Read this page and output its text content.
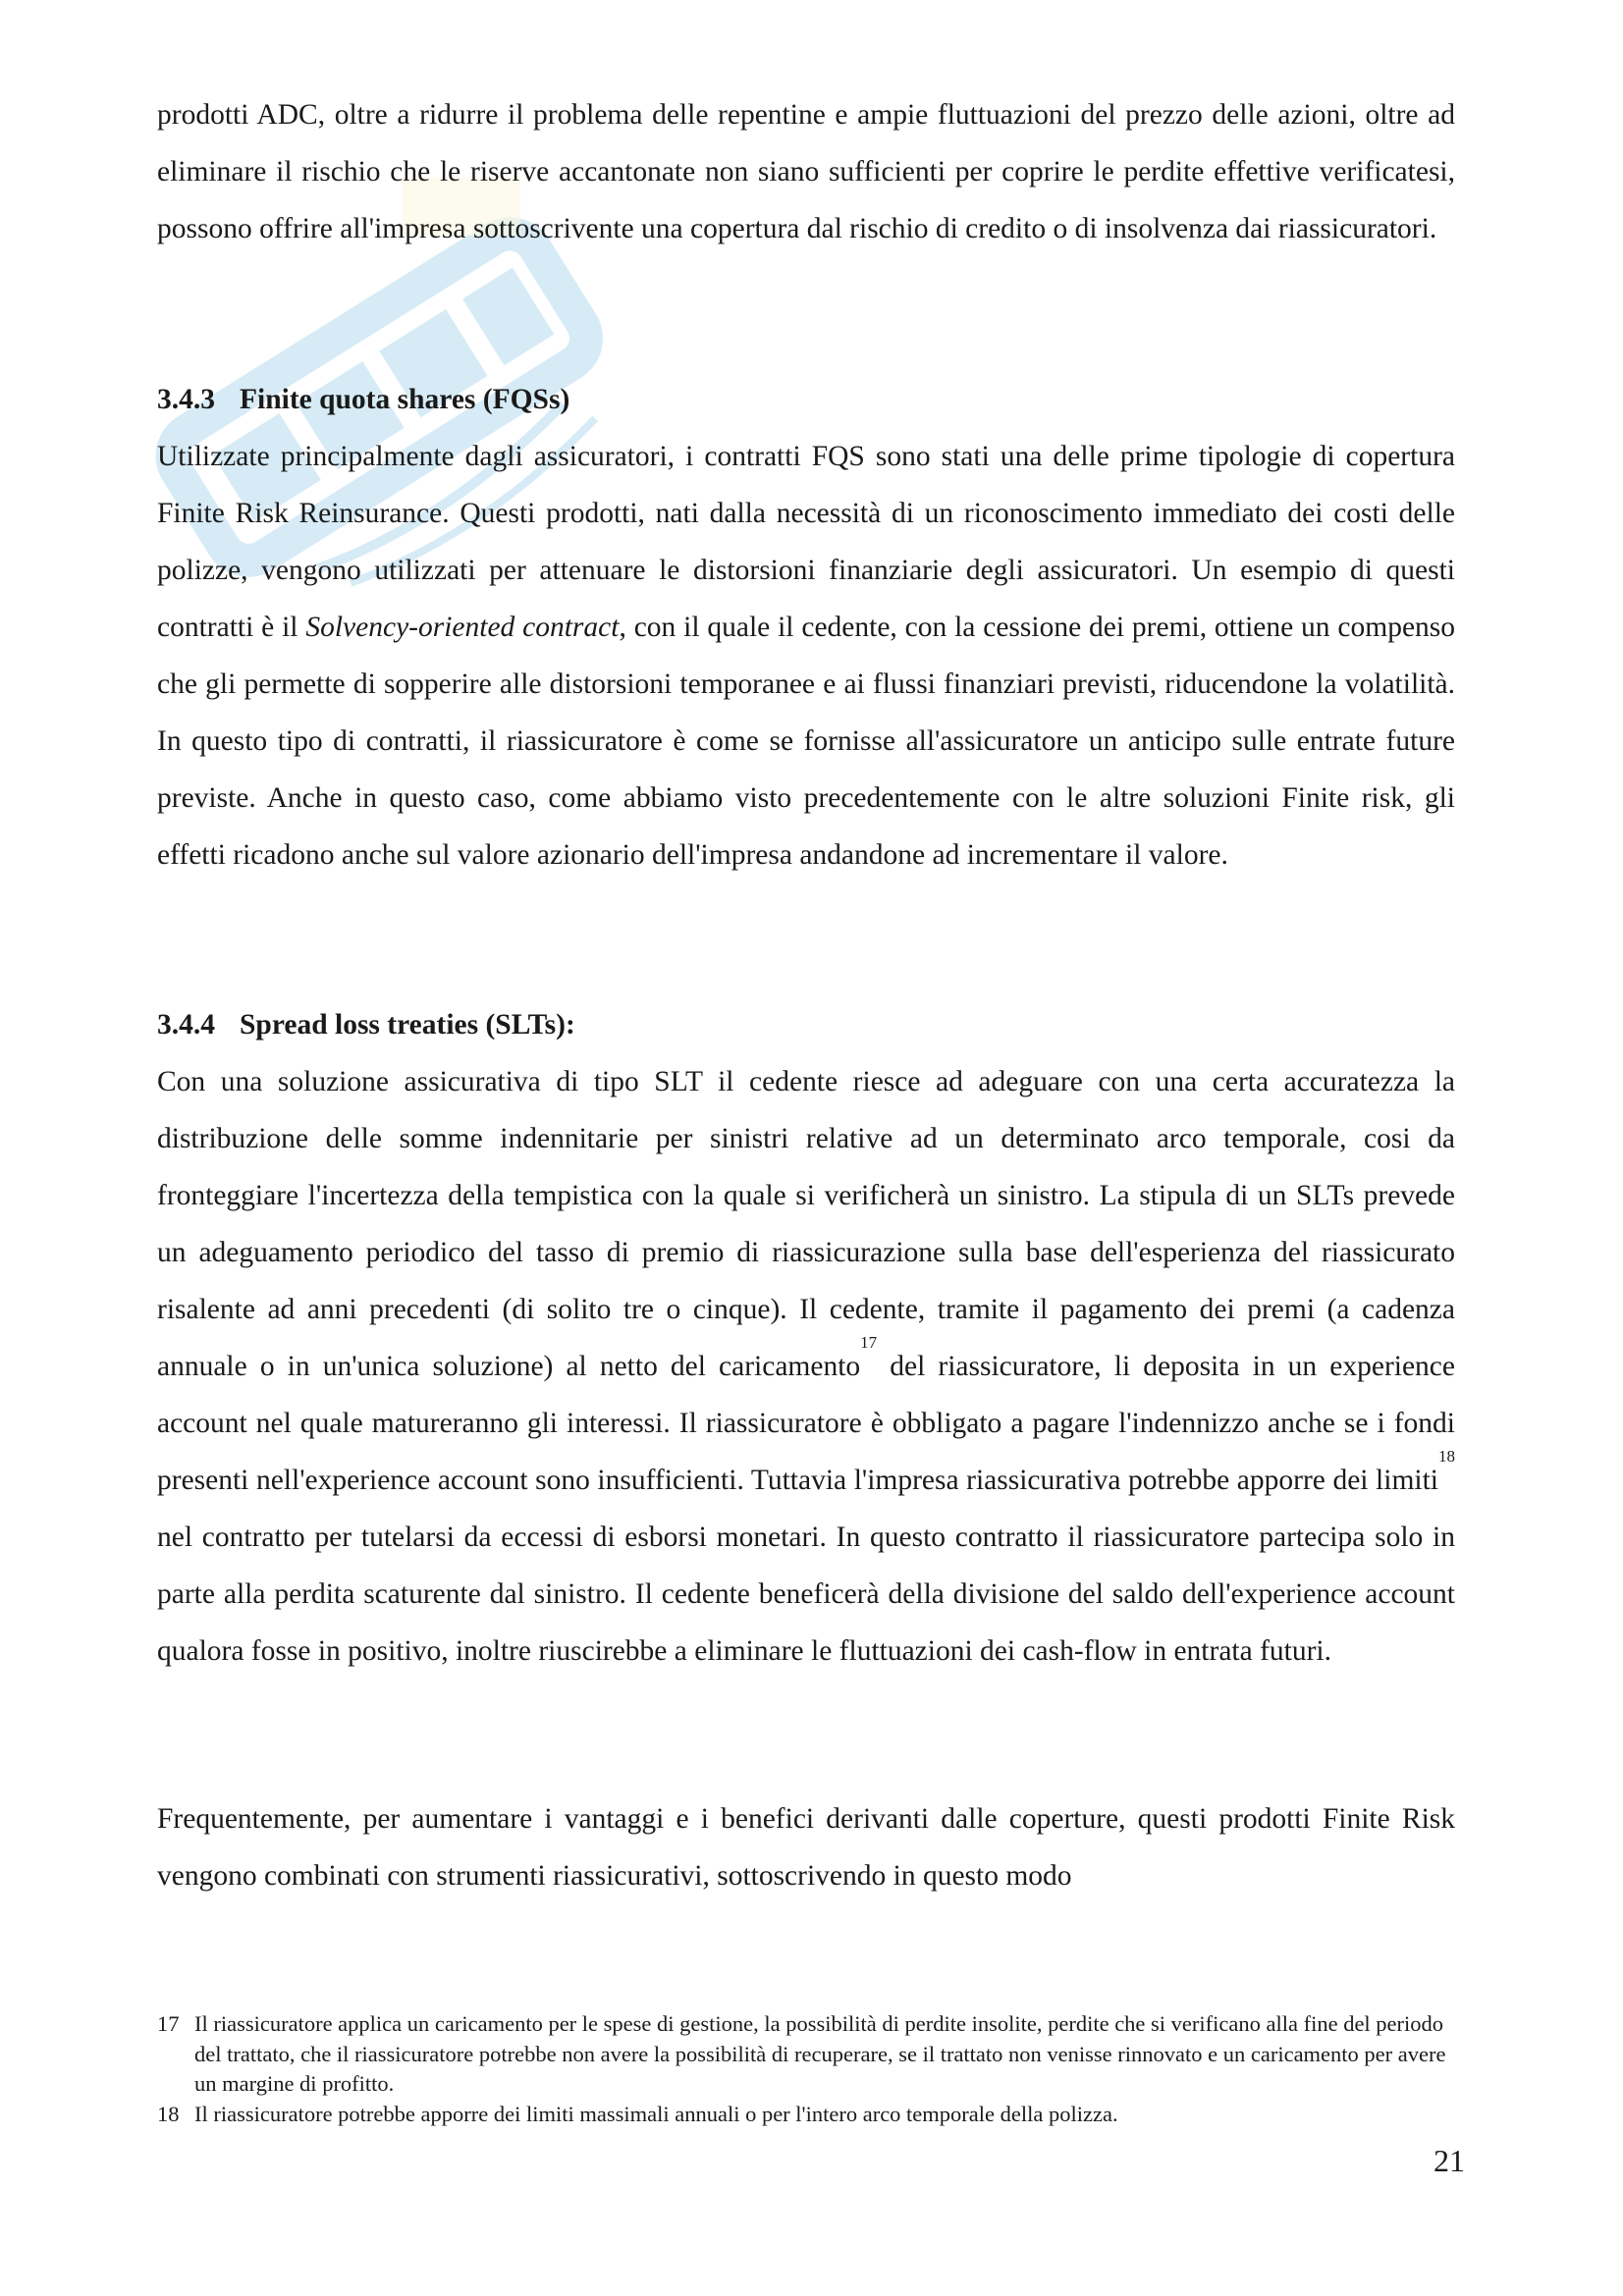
prodotti ADC, oltre a ridurre il problema delle repentine e ampie fluttuazioni del prezzo delle azioni, oltre ad eliminare il rischio che le riserve accantonate non siano sufficienti per coprire le perdite effettive verificatesi, possono offrire all'impresa sottoscrivente una copertura dal rischio di credito o di insolvenza dai riassicuratori.

3.4.3 Finite quota shares (FQSs)

Utilizzate principalmente dagli assicuratori, i contratti FQS sono stati una delle prime tipologie di copertura Finite Risk Reinsurance. Questi prodotti, nati dalla necessità di un riconoscimento immediato dei costi delle polizze, vengono utilizzati per attenuare le distorsioni finanziarie degli assicuratori. Un esempio di questi contratti è il Solvency-oriented contract, con il quale il cedente, con la cessione dei premi, ottiene un compenso che gli permette di sopperire alle distorsioni temporanee e ai flussi finanziari previsti, riducendone la volatilità. In questo tipo di contratti, il riassicuratore è come se fornisse all'assicuratore un anticipo sulle entrate future previste. Anche in questo caso, come abbiamo visto precedentemente con le altre soluzioni Finite risk, gli effetti ricadono anche sul valore azionario dell'impresa andandone ad incrementare il valore.

3.4.4 Spread loss treaties (SLTs):

Con una soluzione assicurativa di tipo SLT il cedente riesce ad adeguare con una certa accuratezza la distribuzione delle somme indennitarie per sinistri relative ad un determinato arco temporale, cosi da fronteggiare l'incertezza della tempistica con la quale si verificherà un sinistro. La stipula di un SLTs prevede un adeguamento periodico del tasso di premio di riassicurazione sulla base dell'esperienza del riassicurato risalente ad anni precedenti (di solito tre o cinque). Il cedente, tramite il pagamento dei premi (a cadenza annuale o in un'unica soluzione) al netto del caricamento$^{17}$ del riassicuratore, li deposita in un experience account nel quale matureranno gli interessi. Il riassicuratore è obbligato a pagare l'indennizzo anche se i fondi presenti nell'experience account sono insufficienti. Tuttavia l'impresa riassicurativa potrebbe apporre dei limiti$^{18}$ nel contratto per tutelarsi da eccessi di esborsi monetari. In questo contratto il riassicuratore partecipa solo in parte alla perdita scaturente dal sinistro. Il cedente beneficerà della divisione del saldo dell'experience account qualora fosse in positivo, inoltre riuscirebbe a eliminare le fluttuazioni dei cash-flow in entrata futuri.

Frequentemente, per aumentare i vantaggi e i benefici derivanti dalle coperture, questi prodotti Finite Risk vengono combinati con strumenti riassicurativi, sottoscrivendo in questo modo

17 Il riassicuratore applica un caricamento per le spese di gestione, la possibilità di perdite insolite, perdite che si verificano alla fine del periodo del trattato, che il riassicuratore potrebbe non avere la possibilità di recuperare, se il trattato non venisse rinnovato e un caricamento per avere un margine di profitto.

18 Il riassicuratore potrebbe apporre dei limiti massimali annuali o per l'intero arco temporale della polizza.

21
